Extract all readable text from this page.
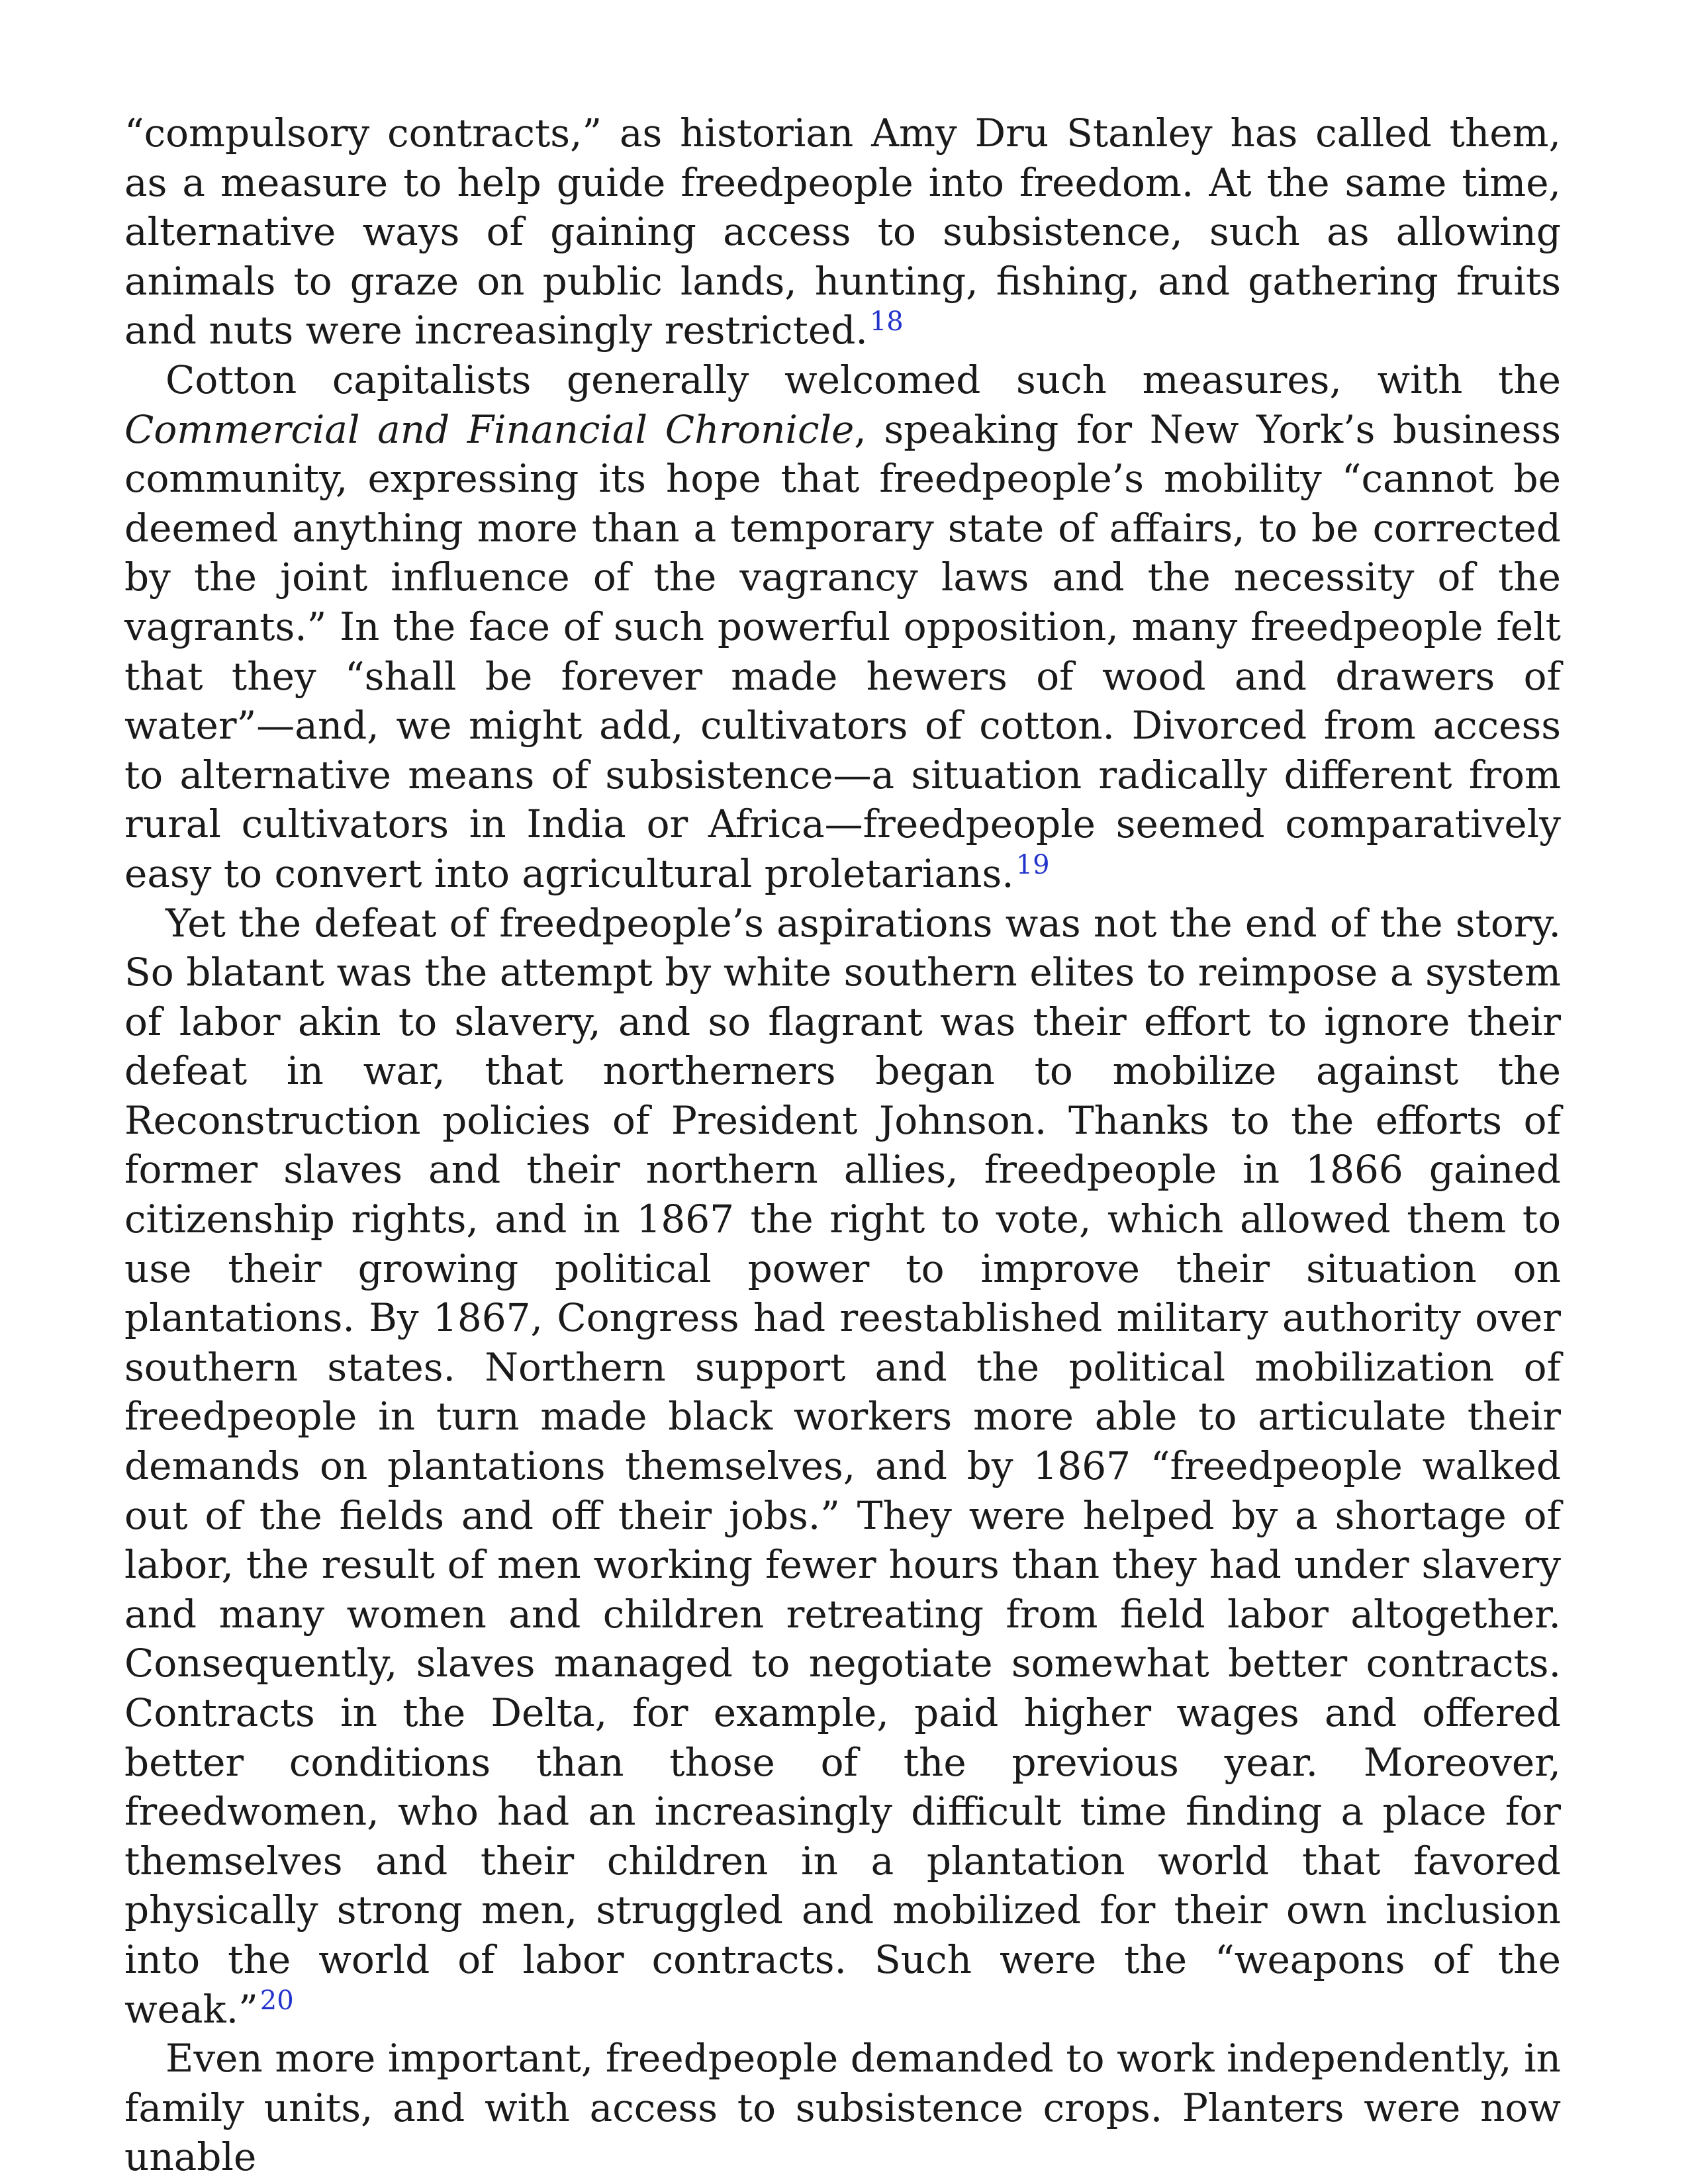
“compulsory contracts,” as historian Amy Dru Stanley has called them, as a measure to help guide freedpeople into freedom. At the same time, alternative ways of gaining access to subsistence, such as allowing animals to graze on public lands, hunting, fishing, and gathering fruits and nuts were increasingly restricted.$^{18}$

Cotton capitalists generally welcomed such measures, with the Commercial and Financial Chronicle, speaking for New York’s business community, expressing its hope that freedpeople’s mobility “cannot be deemed anything more than a temporary state of affairs, to be corrected by the joint influence of the vagrancy laws and the necessity of the vagrants.” In the face of such powerful opposition, many freedpeople felt that they “shall be forever made hewers of wood and drawers of water”—and, we might add, cultivators of cotton. Divorced from access to alternative means of subsistence—a situation radically different from rural cultivators in India or Africa—freedpeople seemed comparatively easy to convert into agricultural proletarians.$^{19}$

Yet the defeat of freedpeople’s aspirations was not the end of the story. So blatant was the attempt by white southern elites to reimpose a system of labor akin to slavery, and so flagrant was their effort to ignore their defeat in war, that northerners began to mobilize against the Reconstruction policies of President Johnson. Thanks to the efforts of former slaves and their northern allies, freedpeople in 1866 gained citizenship rights, and in 1867 the right to vote, which allowed them to use their growing political power to improve their situation on plantations. By 1867, Congress had reestablished military authority over southern states. Northern support and the political mobilization of freedpeople in turn made black workers more able to articulate their demands on plantations themselves, and by 1867 “freedpeople walked out of the fields and off their jobs.” They were helped by a shortage of labor, the result of men working fewer hours than they had under slavery and many women and children retreating from field labor altogether. Consequently, slaves managed to negotiate somewhat better contracts. Contracts in the Delta, for example, paid higher wages and offered better conditions than those of the previous year. Moreover, freedwomen, who had an increasingly difficult time finding a place for themselves and their children in a plantation world that favored physically strong men, struggled and mobilized for their own inclusion into the world of labor contracts. Such were the “weapons of the weak.”$^{20}$

Even more important, freedpeople demanded to work independently, in family units, and with access to subsistence crops. Planters were now unable
